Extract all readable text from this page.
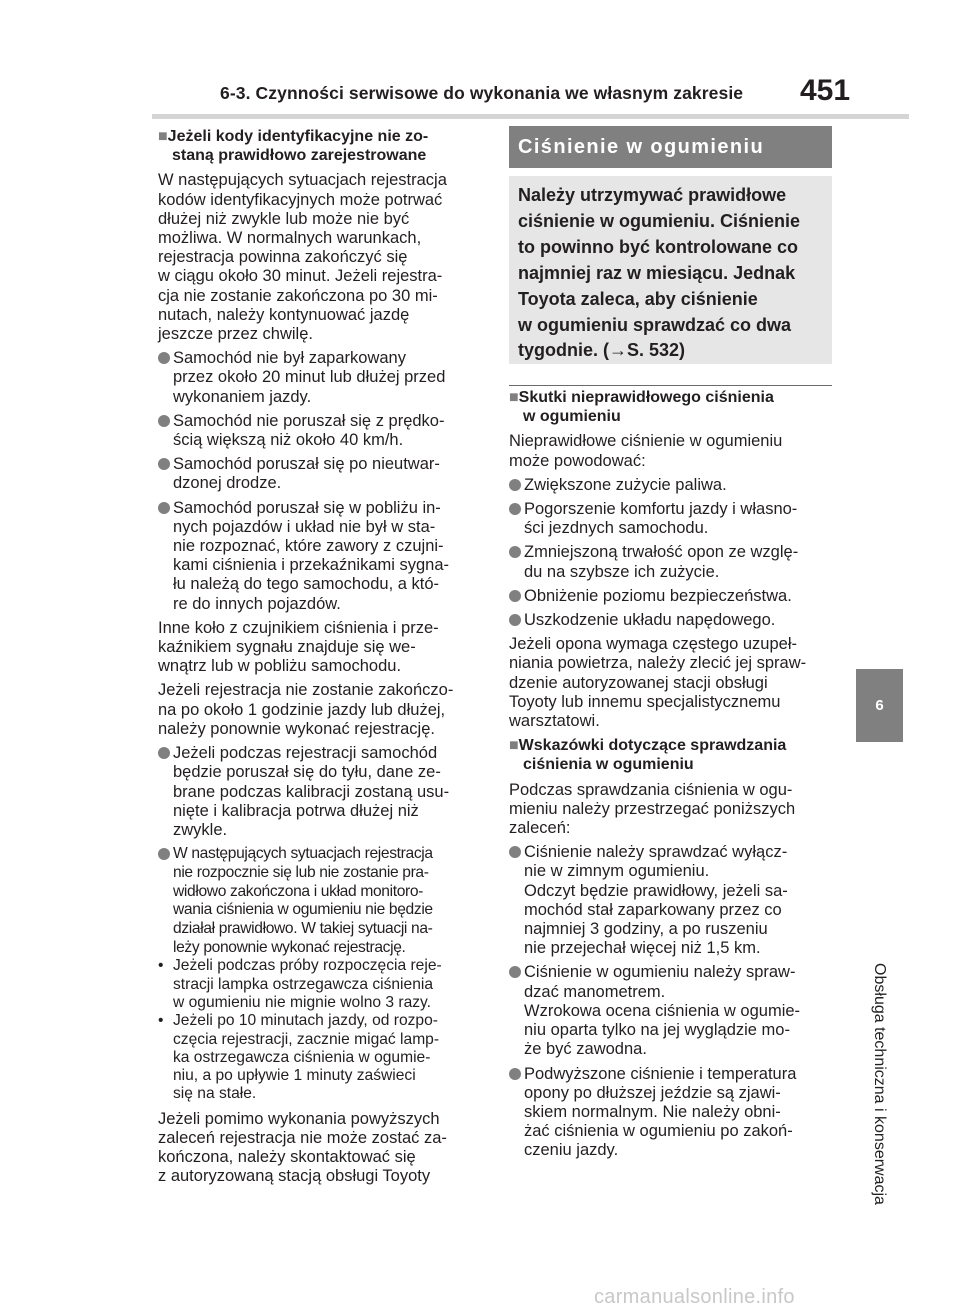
6-3. Czynności serwisowe do wykonania we własnym zakresie 451
6
Obsługa techniczna i konserwacja
■Jeżeli kody identyfikacyjne nie zo-
staną prawidłowo zarejestrowane

W następujących sytuacjach rejestracja
kodów identyfikacyjnych może potrwać
dłużej niż zwykle lub może nie być
możliwa. W normalnych warunkach,
rejestracja powinna zakończyć się
w ciągu około 30 minut. Jeżeli rejestra-
cja nie zostanie zakończona po 30 mi-
nutach, należy kontynuować jazdę
jeszcze przez chwilę.

Samochód nie był zaparkowany
przez około 20 minut lub dłużej przed
wykonaniem jazdy.
Samochód nie poruszał się z prędko-
ścią większą niż około 40 km/h.
Samochód poruszał się po nieutwar-
dzonej drodze.
Samochód poruszał się w pobliżu in-
nych pojazdów i układ nie był w sta-
nie rozpoznać, które zawory z czujni-
kami ciśnienia i przekaźnikami sygna-
łu należą do tego samochodu, a któ-
re do innych pojazdów.

Inne koło z czujnikiem ciśnienia i prze-
kaźnikiem sygnału znajduje się we-
wnątrz lub w pobliżu samochodu.

Jeżeli rejestracja nie zostanie zakończo-
na po około 1 godzinie jazdy lub dłużej,
należy ponownie wykonać rejestrację.

Jeżeli podczas rejestracji samochód
będzie poruszał się do tyłu, dane ze-
brane podczas kalibracji zostaną usu-
nięte i kalibracja potrwa dłużej niż
zwykle.
W następujących sytuacjach rejestracja
nie rozpocznie się lub nie zostanie pra-
widłowo zakończona i układ monitoro-
wania ciśnienia w ogumieniu nie będzie
działał prawidłowo. W takiej sytuacji na-
leży ponownie wykonać rejestrację.
• Jeżeli podczas próby rozpoczęcia reje-
stracji lampka ostrzegawcza ciśnienia
w ogumieniu nie mignie wolno 3 razy.
• Jeżeli po 10 minutach jazdy, od rozpo-
częcia rejestracji, zacznie migać lamp-
ka ostrzegawcza ciśnienia w ogumie-
niu, a po upływie 1 minuty zaświeci
się na stałe.

Jeżeli pomimo wykonania powyższych
zaleceń rejestracja nie może zostać za-
kończona, należy skontaktować się
z autoryzowaną stacją obsługi Toyoty

Ciśnienie w ogumieniu
Należy utrzymywać prawidłowe
ciśnienie w ogumieniu. Ciśnienie
to powinno być kontrolowane co
najmniej raz w miesiącu. Jednak
Toyota zaleca, aby ciśnienie
w ogumieniu sprawdzać co dwa
tygodnie. (→S. 532)
■Skutki nieprawidłowego ciśnienia
w ogumieniu

Nieprawidłowe ciśnienie w ogumieniu
może powodować:

Zwiększone zużycie paliwa.
Pogorszenie komfortu jazdy i własno-
ści jezdnych samochodu.
Zmniejszoną trwałość opon ze wzglę-
du na szybsze ich zużycie.
Obniżenie poziomu bezpieczeństwa.
Uszkodzenie układu napędowego.

Jeżeli opona wymaga częstego uzupeł-
niania powietrza, należy zlecić jej spraw-
dzenie autoryzowanej stacji obsługi
Toyoty lub innemu specjalistycznemu
warsztatowi.

■Wskazówki dotyczące sprawdzania
ciśnienia w ogumieniu

Podczas sprawdzania ciśnienia w ogu-
mieniu należy przestrzegać poniższych
zaleceń:

Ciśnienie należy sprawdzać wyłącz-
nie w zimnym ogumieniu.
Odczyt będzie prawidłowy, jeżeli sa-
mochód stał zaparkowany przez co
najmniej 3 godziny, a po ruszeniu
nie przejechał więcej niż 1,5 km.
Ciśnienie w ogumieniu należy spraw-
dzać manometrem.
Wzrokowa ocena ciśnienia w ogumie-
niu oparta tylko na jej wyglądzie mo-
że być zawodna.
Podwyższone ciśnienie i temperatura
opony po dłuższej jeździe są zjawi-
skiem normalnym. Nie należy obni-
żać ciśnienia w ogumieniu po zakoń-
czeniu jazdy.
carmanualsonline.info
